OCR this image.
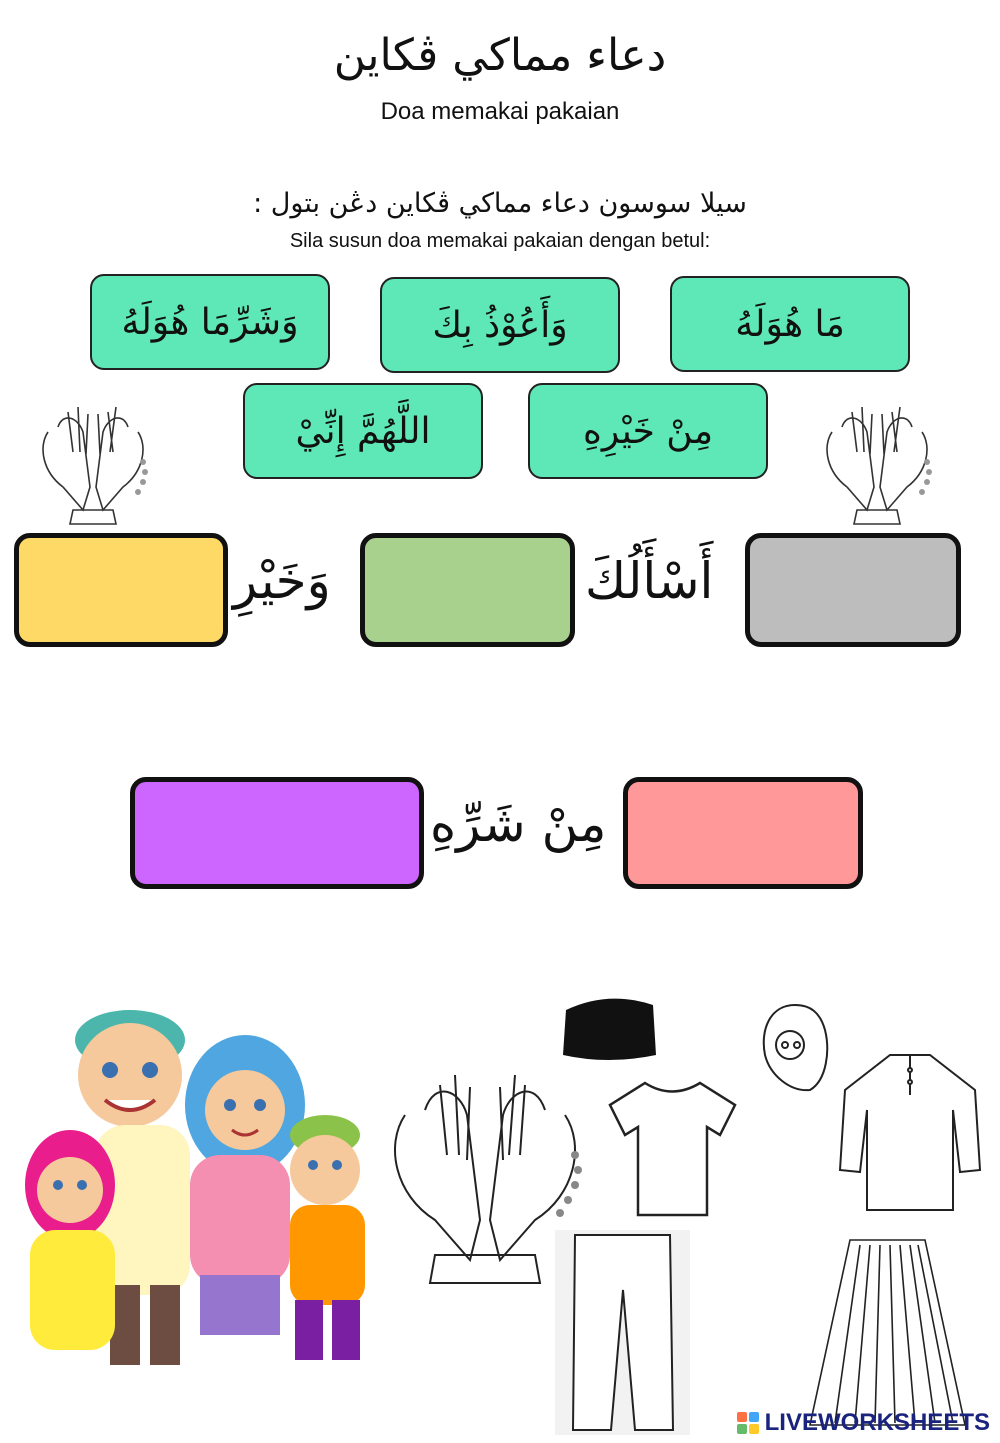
دعاء مماكي ڤكاين
Doa memakai pakaian
سيلا سوسون دعاء مماكي ڤكاين دڠن بتول :
Sila susun doa memakai pakaian dengan betul:
مَا هُوَلَهُ
وَأَعُوْذُ بِكَ
وَشَرِّمَا هُوَلَهُ
مِنْ خَيْرِهِ
اللَّهُمَّ إِنِّيْ
أَسْأَلُكَ
وَخَيْرِ
مِنْ شَرِّهِ
LIVEWORKSHEETS
